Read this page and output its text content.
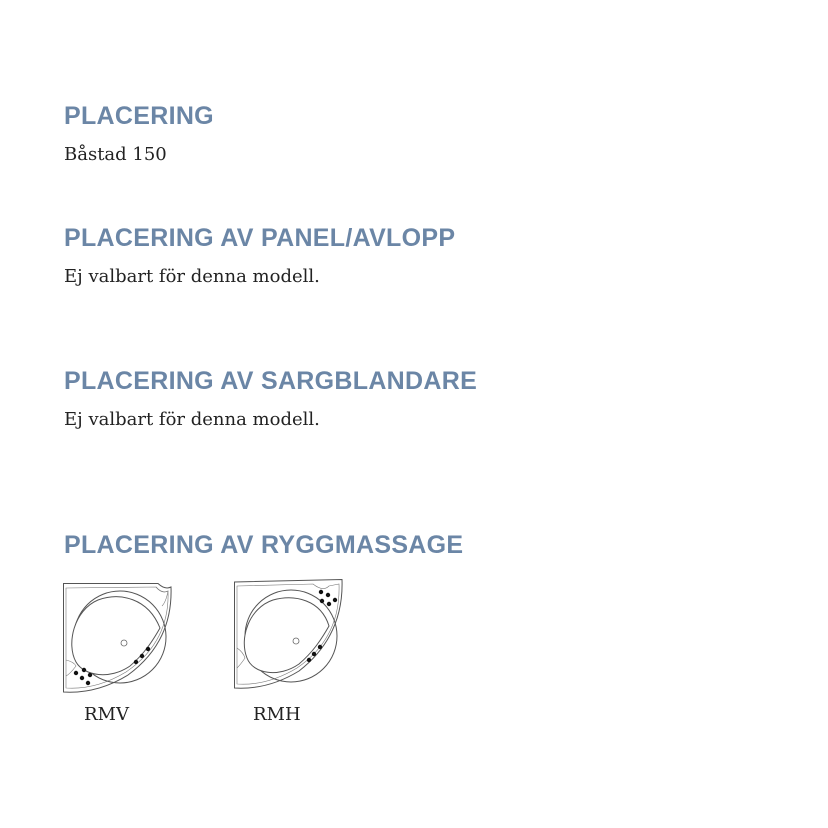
PLACERING

Båstad 150

PLACERING AV PANEL/AVLOPP

Ej valbart för denna modell.

PLACERING AV SARGBLANDARE

Ej valbart för denna modell.

PLACERING AV RYGGMASSAGE
RMV	RMH
